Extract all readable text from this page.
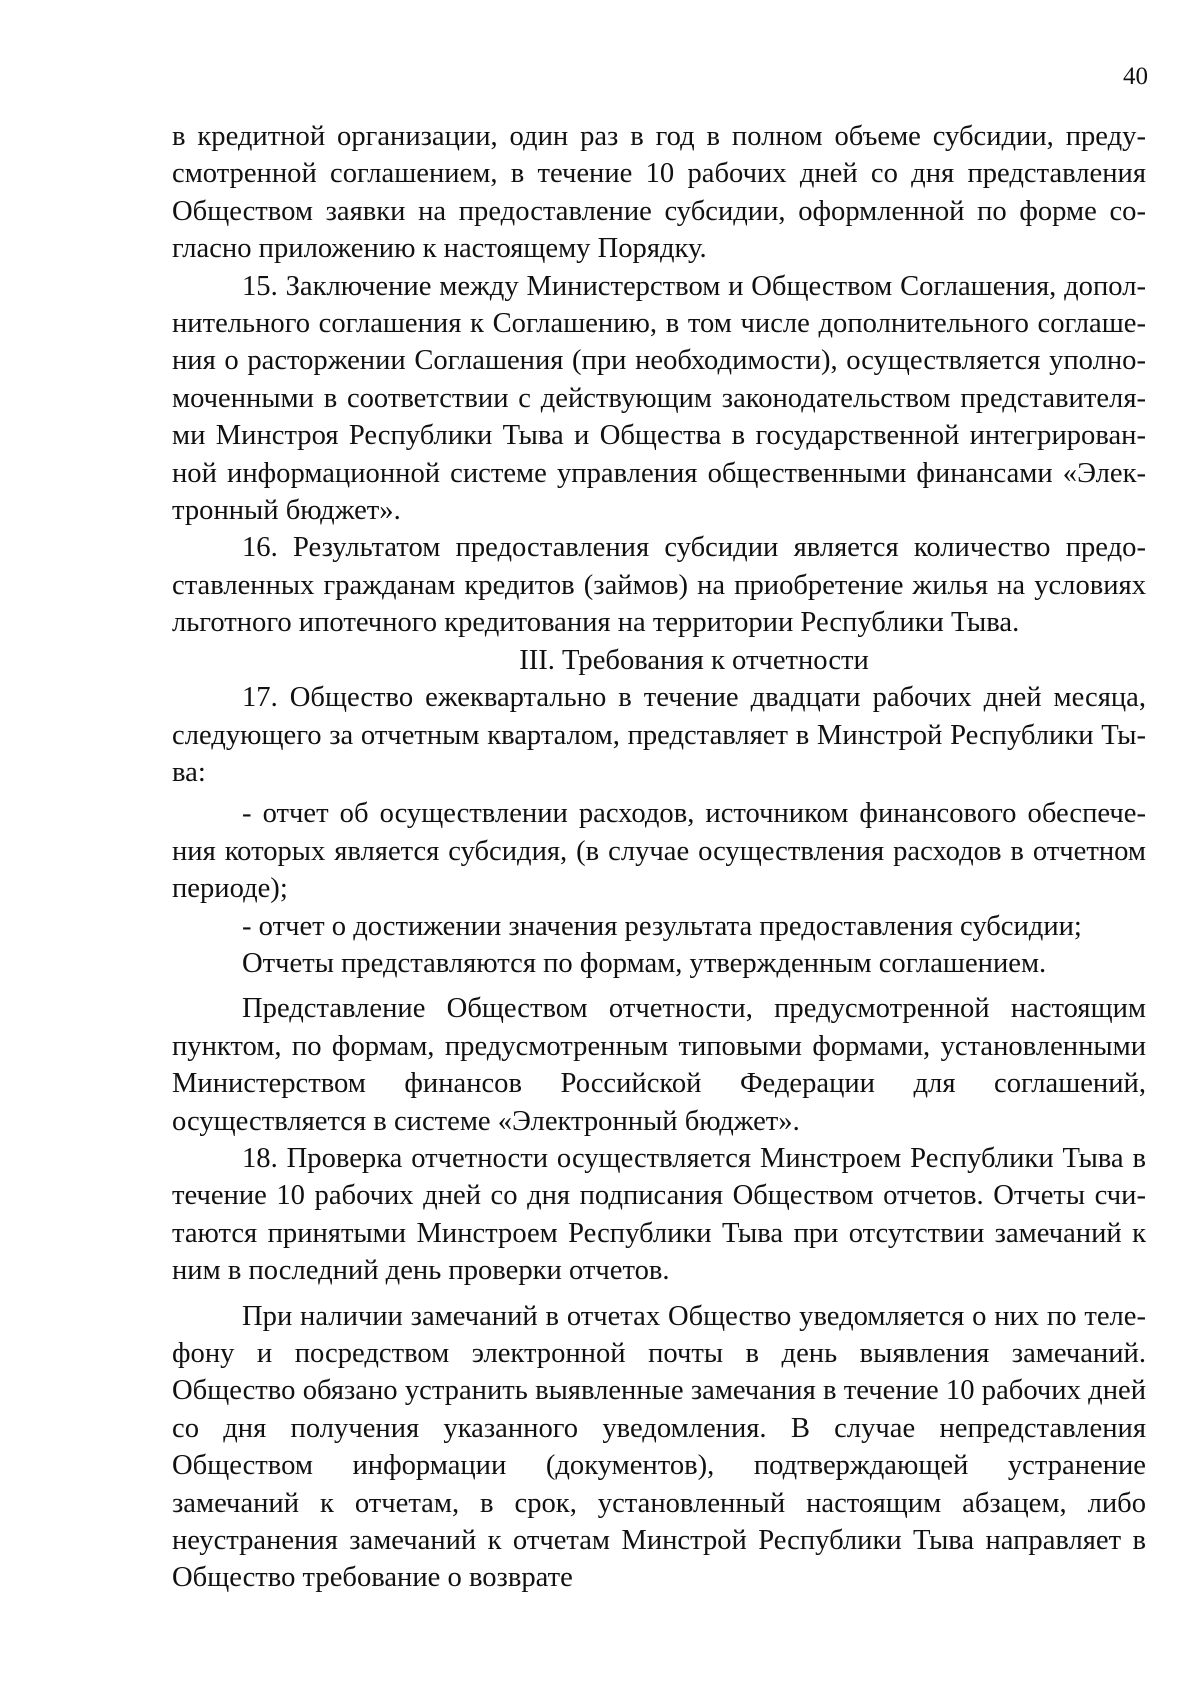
40

в кредитной организации, один раз в год в полном объеме субсидии, предусмотренной соглашением, в течение 10 рабочих дней со дня представления Обществом заявки на предоставление субсидии, оформленной по форме согласно приложению к настоящему Порядку.

15. Заключение между Министерством и Обществом Соглашения, дополнительного соглашения к Соглашению, в том числе дополнительного соглашения о расторжении Соглашения (при необходимости), осуществляется уполномоченными в соответствии с действующим законодательством представителями Минстроя Республики Тыва и Общества в государственной интегрированной информационной системе управления общественными финансами «Электронный бюджет».

16. Результатом предоставления субсидии является количество предоставленных гражданам кредитов (займов) на приобретение жилья на условиях льготного ипотечного кредитования на территории Республики Тыва.

III. Требования к отчетности

17. Общество ежеквартально в течение двадцати рабочих дней месяца, следующего за отчетным кварталом, представляет в Минстрой Республики Тыва:

- отчет об осуществлении расходов, источником финансового обеспечения которых является субсидия, (в случае осуществления расходов в отчетном периоде);

- отчет о достижении значения результата предоставления субсидии;

Отчеты представляются по формам, утвержденным соглашением.

Представление Обществом отчетности, предусмотренной настоящим пунктом, по формам, предусмотренным типовыми формами, установленными Министерством финансов Российской Федерации для соглашений, осуществляется в системе «Электронный бюджет».

18. Проверка отчетности осуществляется Минстроем Республики Тыва в течение 10 рабочих дней со дня подписания Обществом отчетов. Отчеты считаются принятыми Минстроем Республики Тыва при отсутствии замечаний к ним в последний день проверки отчетов.

При наличии замечаний в отчетах Общество уведомляется о них по телефону и посредством электронной почты в день выявления замечаний. Общество обязано устранить выявленные замечания в течение 10 рабочих дней со дня получения указанного уведомления. В случае непредставления Обществом информации (документов), подтверждающей устранение замечаний к отчетам, в срок, установленный настоящим абзацем, либо неустранения замечаний к отчетам Минстрой Республики Тыва направляет в Общество требование о возврате
